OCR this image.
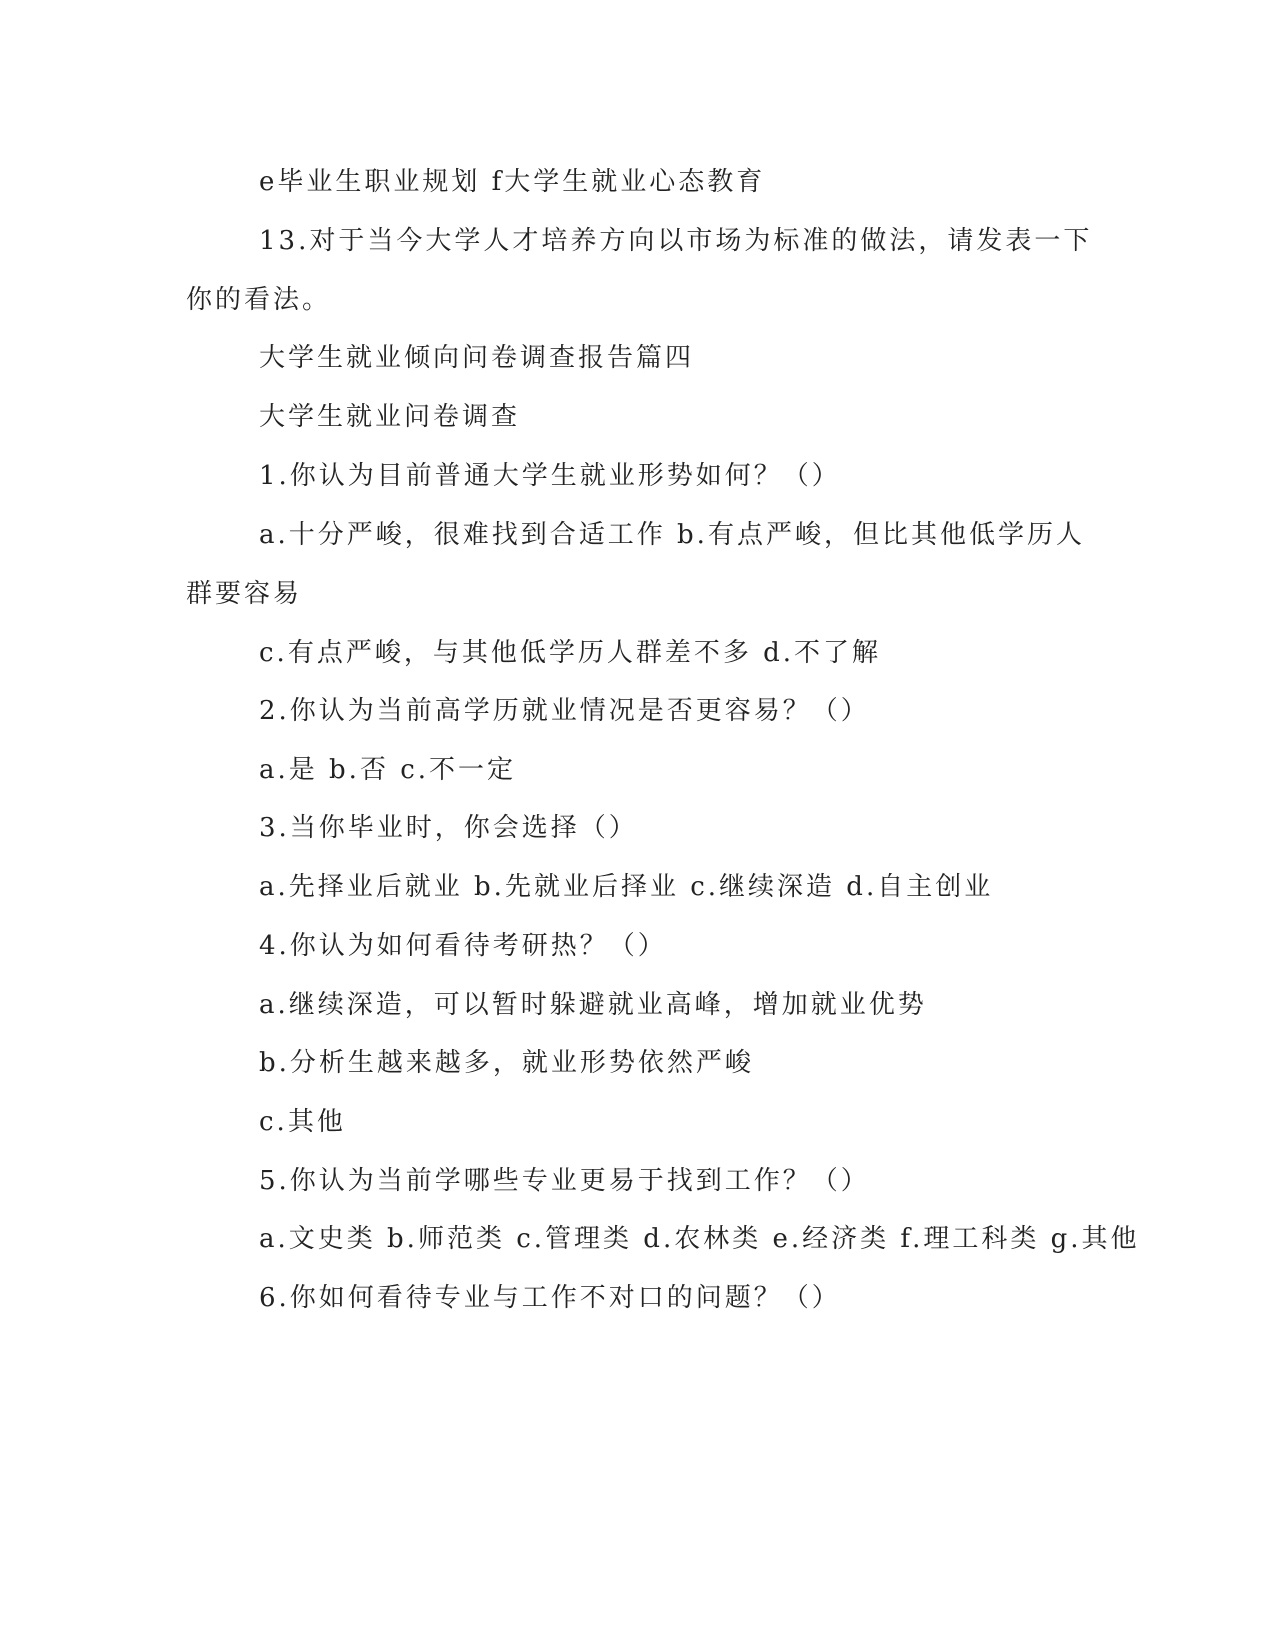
e毕业生职业规划 f大学生就业心态教育
13.对于当今大学人才培养方向以市场为标准的做法，请发表一下
你的看法。
大学生就业倾向问卷调查报告篇四
大学生就业问卷调查
1.你认为目前普通大学生就业形势如何？（）
a.十分严峻，很难找到合适工作 b.有点严峻，但比其他低学历人
群要容易
c.有点严峻，与其他低学历人群差不多 d.不了解
2.你认为当前高学历就业情况是否更容易？（）
a.是 b.否 c.不一定
3.当你毕业时，你会选择（）
a.先择业后就业 b.先就业后择业 c.继续深造 d.自主创业
4.你认为如何看待考研热？（）
a.继续深造，可以暂时躲避就业高峰，增加就业优势
b.分析生越来越多，就业形势依然严峻
c.其他
5.你认为当前学哪些专业更易于找到工作？（）
a.文史类 b.师范类 c.管理类 d.农林类 e.经济类 f.理工科类 g.其他
6.你如何看待专业与工作不对口的问题？（）
